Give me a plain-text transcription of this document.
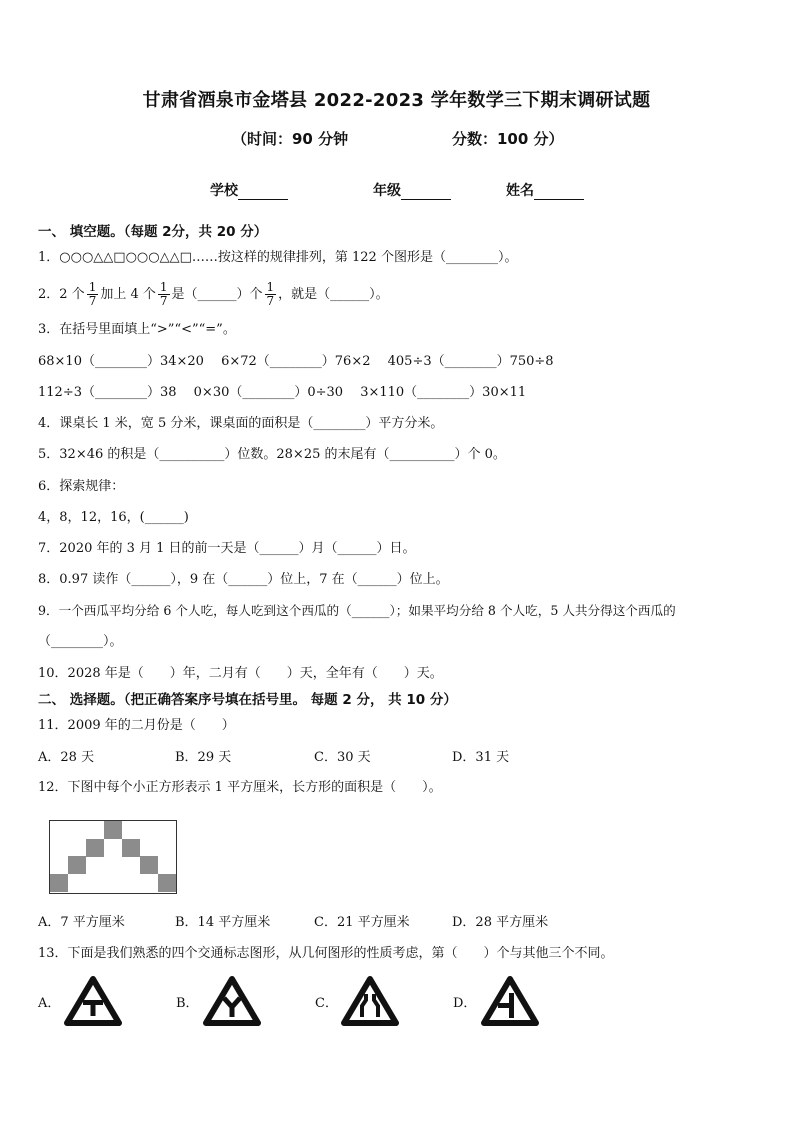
甘肃省酒泉市金塔县 2022-2023 学年数学三下期末调研试题
（时间：90 分钟	分数：100 分）
学校	年级	姓名
一、 填空题。（每题 2分，共 20 分）
1．○○○△△□○○○△△□……按这样的规律排列，第 122 个图形是（________）。
2．2 个 $\frac{1}{7}$ 加上 4 个 $\frac{1}{7}$ 是（______）个 $\frac{1}{7}$ ，就是（______）。
3．在括号里面填上“>”“<”“=”。
68×10（________）34×20　 6×72（________）76×2　 405÷3（________）750÷8
112÷3（________）38　 0×30（________）0÷30　 3×110（________）30×11
4．课桌长 1 米，宽 5 分米，课桌面的面积是（________）平方分米。
5．32×46 的积是（__________）位数。28×25 的末尾有（__________）个 0。
6．探索规律：
4，8，12，16，(______)
7．2020 年的 3 月 1 日的前一天是（______）月（______）日。
8．0.97 读作（______），9 在（______）位上，7 在（______）位上。
9．一个西瓜平均分给 6 个人吃，每人吃到这个西瓜的（______）；如果平均分给 8 个人吃，5 人共分得这个西瓜的
（________）。
10．2028 年是（　　）年，二月有（　　）天，全年有（　　）天。
二、 选择题。（把正确答案序号填在括号里。 每题 2 分， 共 10 分）
11．2009 年的二月份是（　　）
A．28 天	B．29 天	C．30 天	D．31 天
12．下图中每个小正方形表示 1 平方厘米，长方形的面积是（　　）。
A．7 平方厘米	B．14 平方厘米	C．21 平方厘米	D．28 平方厘米
13．下面是我们熟悉的四个交通标志图形，从几何图形的性质考虑，第（　　）个与其他三个不同。
A．	B．	C．	D．
